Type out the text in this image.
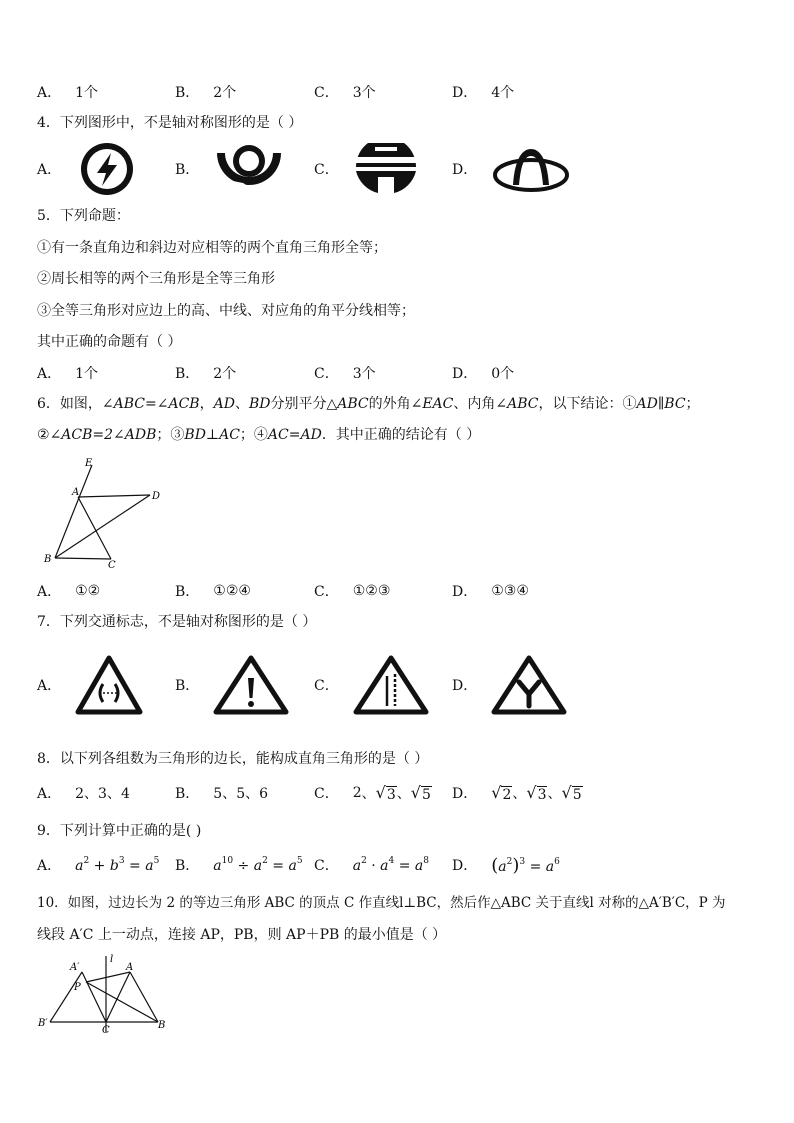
A． 1个	B． 2个	C． 3个	D． 4个
4．下列图形中，不是轴对称图形的是（ ）
A．	B．	C．	D．
5．下列命题：
①有一条直角边和斜边对应相等的两个直角三角形全等；
②周长相等的两个三角形是全等三角形
③全等三角形对应边上的高、中线、对应角的角平分线相等；
其中正确的命题有（ ）
A． 1个	B． 2个	C． 3个	D． 0个
6．如图，∠ABC=∠ACB，AD、BD分别平分△ABC的外角∠EAC、内角∠ABC，以下结论：①AD∥BC；
②∠ACB=2∠ADB；③BD⊥AC；④AC=AD．其中正确的结论有（ ）
E
A	D
B
C
A． ①②	B． ①②④	C． ①②③	D． ①③④
7．下列交通标志，不是轴对称图形的是（ ）
A．	B．	C．	D．
8．以下列各组数为三角形的边长，能构成直角三角形的是（ ）
A． 2、3、4	B． 5、5、6	C． 2 、 √ 3 、 √ 5 D． √ 2 、 √ 3 、 √ 5
9．下列计算中正确的是( )
A． $a^2 + b^3 = a^5$ B． $a^{10} \div a^2 = a^5$ C． $a^2 \cdot a^4 = a^8$ D． $(a^2)^3 = a^6$
10．如图，过边长为 2 的等边三角形 ABC 的顶点 C 作直线l⊥BC，然后作△ABC 关于直线l 对称的△A′B′C，P 为
线段 A′C 上一动点，连接 AP，PB，则 AP＋PB 的最小值是（ ）
A′
l
A
P
B′
C	B
